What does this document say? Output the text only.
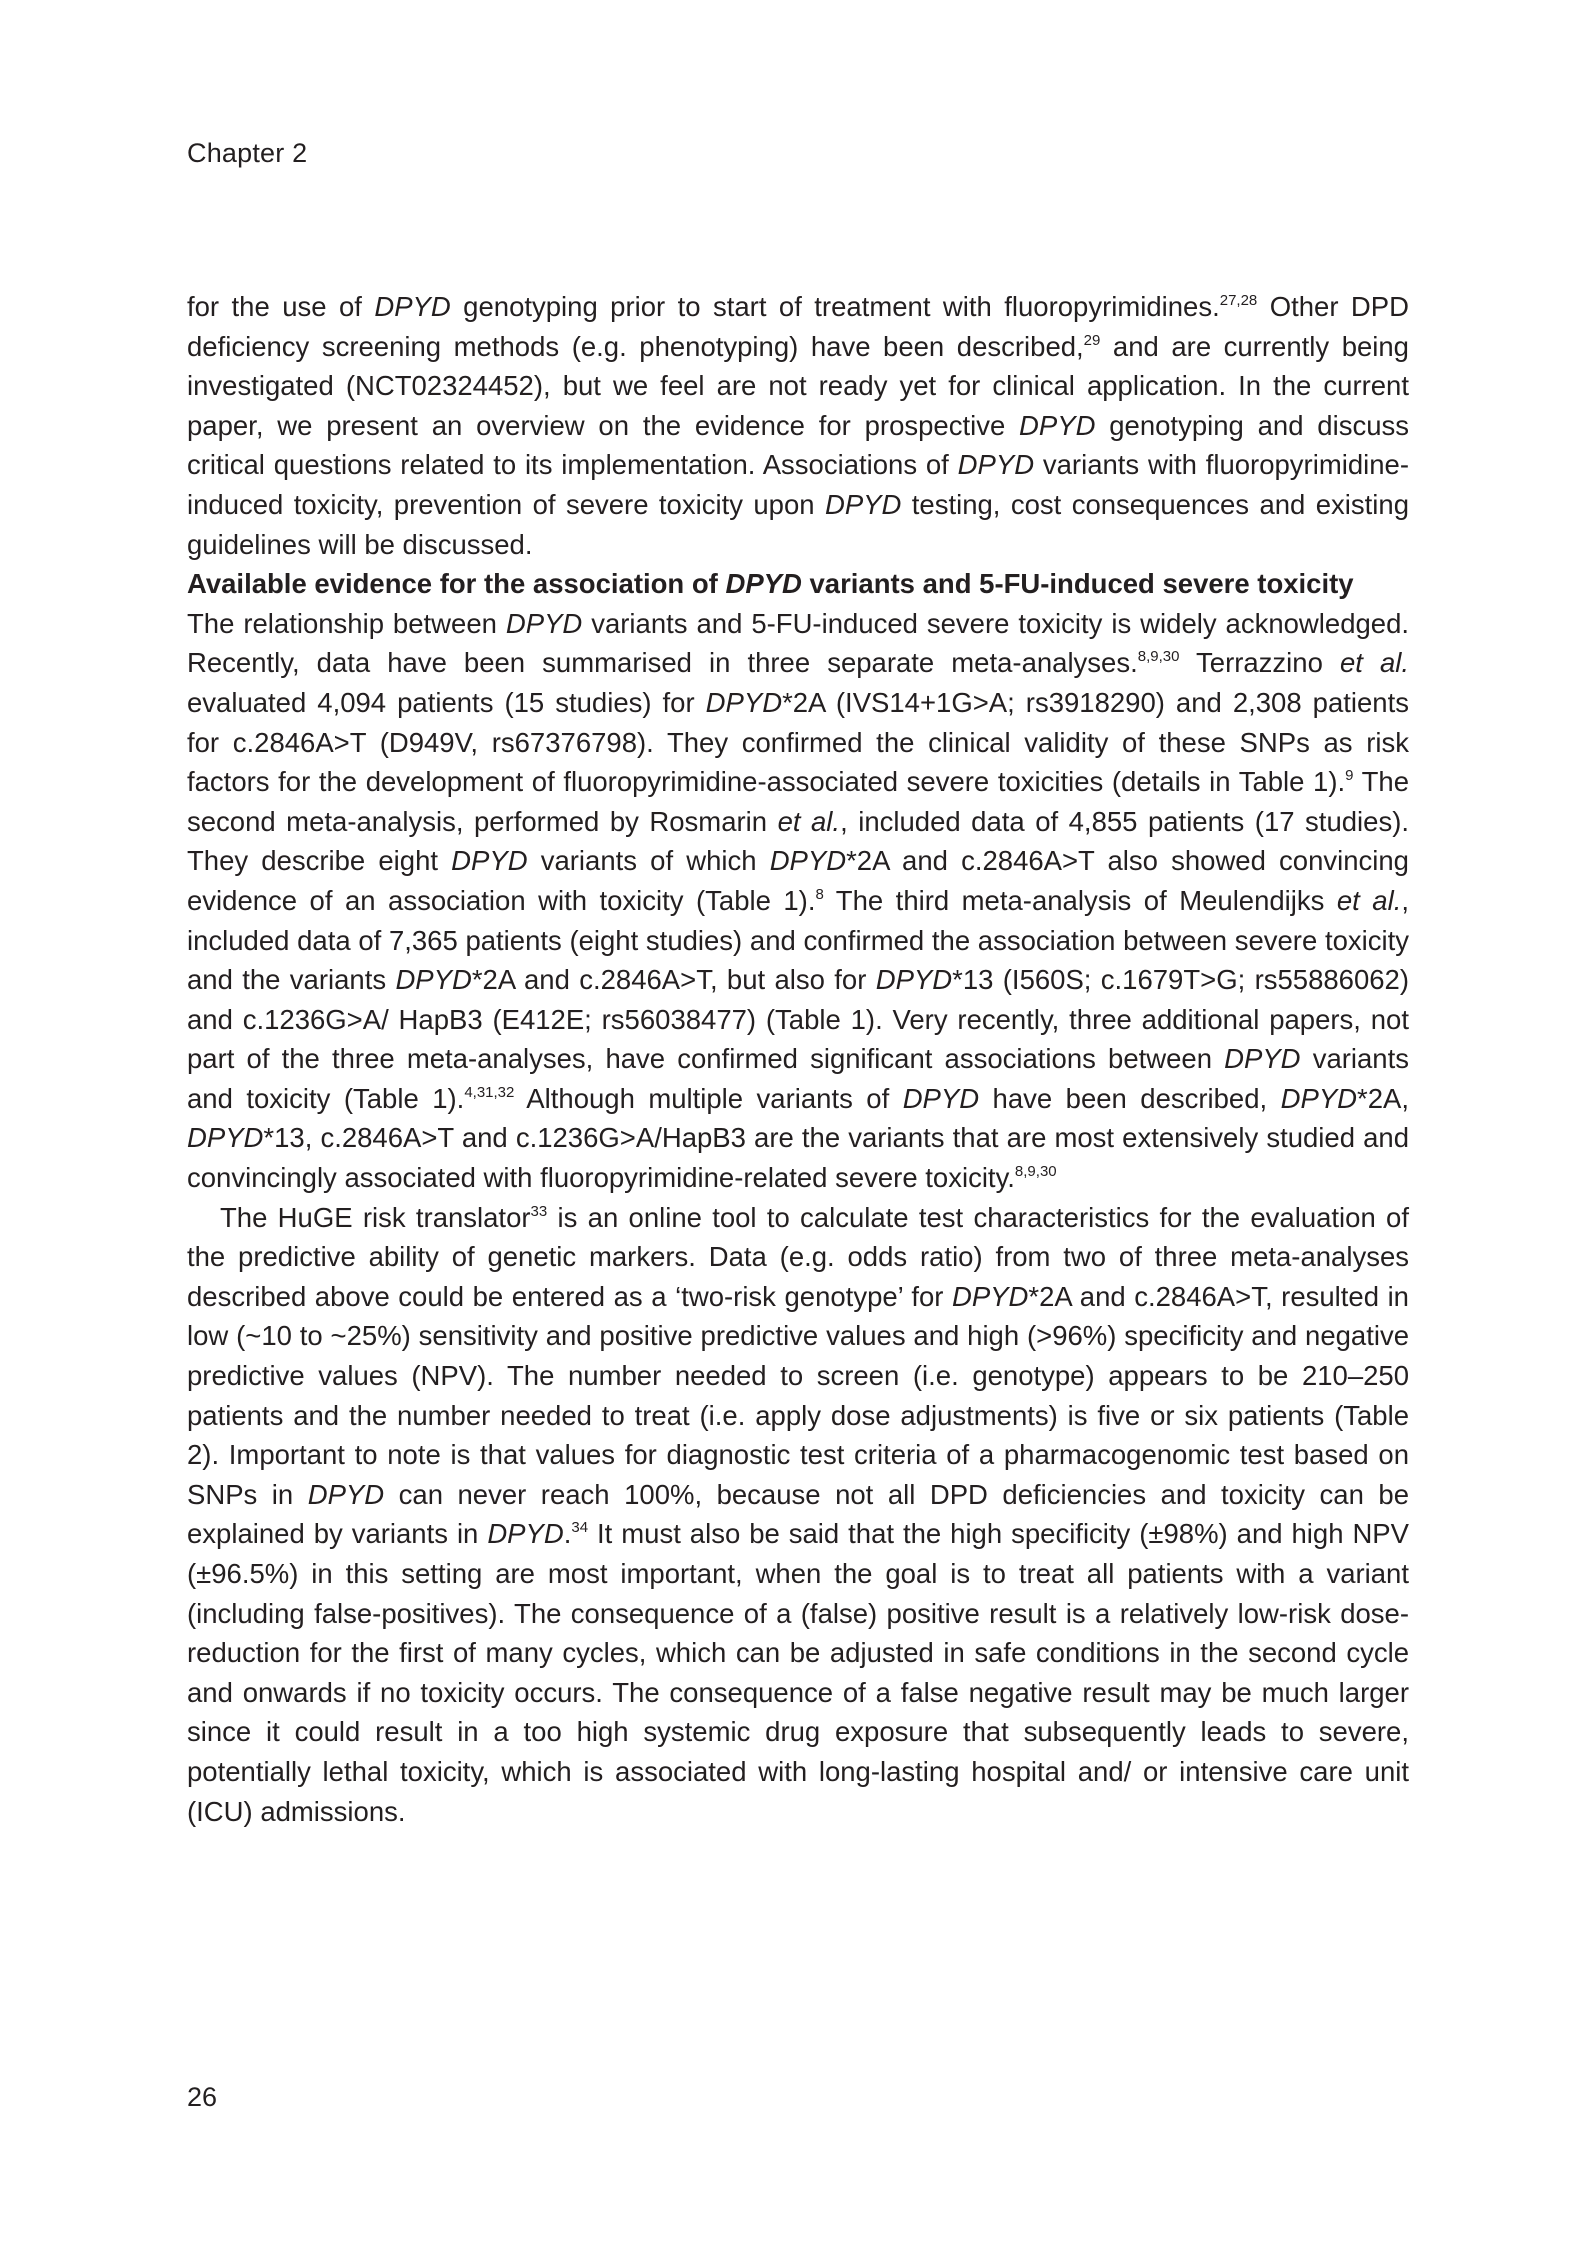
Chapter 2

for the use of DPYD genotyping prior to start of treatment with fluoropyrimidines.$^{27,28}$ Other DPD deficiency screening methods (e.g. phenotyping) have been described,$^{29}$ and are currently being investigated (NCT02324452), but we feel are not ready yet for clinical application. In the current paper, we present an overview on the evidence for prospective DPYD genotyping and discuss critical questions related to its implementation. Associations of DPYD variants with fluoropyrimidine-induced toxicity, prevention of severe toxicity upon DPYD testing, cost consequences and existing guidelines will be discussed.

Available evidence for the association of DPYD variants and 5-FU-induced severe toxicity

The relationship between DPYD variants and 5-FU-induced severe toxicity is widely acknowledged. Recently, data have been summarised in three separate meta-analyses.$^{8,9,30}$ Terrazzino et al. evaluated 4,094 patients (15 studies) for DPYD*2A (IVS14+1G>A; rs3918290) and 2,308 patients for c.2846A>T (D949V, rs67376798). They confirmed the clinical validity of these SNPs as risk factors for the development of fluoropyrimidine-associated severe toxicities (details in Table 1).$^9$ The second meta-analysis, performed by Rosmarin et al., included data of 4,855 patients (17 studies). They describe eight DPYD variants of which DPYD*2A and c.2846A>T also showed convincing evidence of an association with toxicity (Table 1).$^8$ The third meta-analysis of Meulendijks et al., included data of 7,365 patients (eight studies) and confirmed the association between severe toxicity and the variants DPYD*2A and c.2846A>T, but also for DPYD*13 (I560S; c.1679T>G; rs55886062) and c.1236G>A/ HapB3 (E412E; rs56038477) (Table 1). Very recently, three additional papers, not part of the three meta-analyses, have confirmed significant associations between DPYD variants and toxicity (Table 1).$^{4,31,32}$ Although multiple variants of DPYD have been described, DPYD*2A, DPYD*13, c.2846A>T and c.1236G>A/HapB3 are the variants that are most extensively studied and convincingly associated with fluoropyrimidine-related severe toxicity.$^{8,9,30}$

The HuGE risk translator$^{33}$ is an online tool to calculate test characteristics for the evaluation of the predictive ability of genetic markers. Data (e.g. odds ratio) from two of three meta-analyses described above could be entered as a ‘two-risk genotype’ for DPYD*2A and c.2846A>T, resulted in low (~10 to ~25%) sensitivity and positive predictive values and high (>96%) specificity and negative predictive values (NPV). The number needed to screen (i.e. genotype) appears to be 210–250 patients and the number needed to treat (i.e. apply dose adjustments) is five or six patients (Table 2). Important to note is that values for diagnostic test criteria of a pharmacogenomic test based on SNPs in DPYD can never reach 100%, because not all DPD deficiencies and toxicity can be explained by variants in DPYD.$^{34}$ It must also be said that the high specificity (±98%) and high NPV (±96.5%) in this setting are most important, when the goal is to treat all patients with a variant (including false-positives). The consequence of a (false) positive result is a relatively low-risk dose-reduction for the first of many cycles, which can be adjusted in safe conditions in the second cycle and onwards if no toxicity occurs. The consequence of a false negative result may be much larger since it could result in a too high systemic drug exposure that subsequently leads to severe, potentially lethal toxicity, which is associated with long-lasting hospital and/ or intensive care unit (ICU) admissions.

26
